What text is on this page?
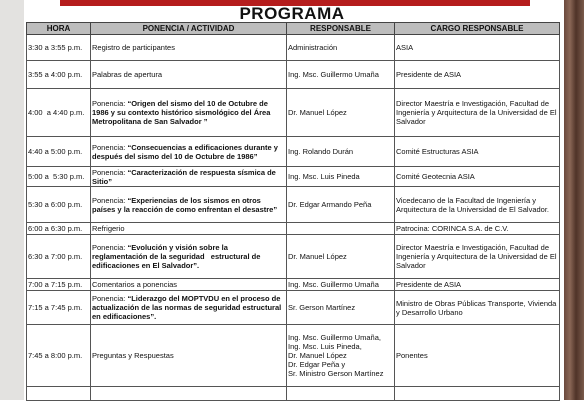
PROGRAMA
HORA	PONENCIA / ACTIVIDAD	RESPONSABLE	CARGO RESPONSABLE
3:30 a 3:55 p.m.	Registro de participantes	Administración	ASIA
3:55 a 4:00 p.m.	Palabras de apertura	Ing. Msc. Guillermo Umaña	Presidente de ASIA
4:00  a 4:40 p.m.	Ponencia: “Origen del sismo del 10 de Octubre de 1986 y su contexto histórico sismológico del Área Metropolitana de San Salvador ”	Dr. Manuel López	Director Maestría e Investigación, Facultad de Ingeniería y Arquitectura de la Universidad de El Salvador
4:40 a 5:00 p.m.	Ponencia: “Consecuencias a edificaciones durante y después del sismo del 10 de Octubre de 1986”	Ing. Rolando Durán	Comité Estructuras ASIA
5:00 a  5:30 p.m.	Ponencia: “Caracterización de respuesta sísmica de Sitio”	Ing. Msc. Luis Pineda	Comité Geotecnia ASIA
5:30 a 6:00 p.m.	Ponencia: “Experiencias de los sismos en otros países y la reacción de como enfrentan el desastre”	Dr. Edgar Armando Peña	Vicedecano de la Facultad de Ingeniería y Arquitectura de la Universidad de El Salvador.
6:00 a 6:30 p.m.	Refrigerio		Patrocina: CORINCA S.A. de C.V.
6:30 a 7:00 p.m.	Ponencia: “Evolución y visión sobre la reglamentación de la seguridad   estructural de edificaciones en El Salvador”.	Dr. Manuel López	Director Maestría e Investigación, Facultad de Ingeniería y Arquitectura de la Universidad de El Salvador
7:00 a 7:15 p.m.	Comentarios a ponencias	Ing. Msc. Guillermo Umaña	Presidente de ASIA
7:15 a 7:45 p.m.	Ponencia: “Liderazgo del MOPTVDU en el proceso de actualización de las normas de seguridad estructural en edificaciones”.	Sr. Gerson Martínez	Ministro de Obras Públicas Transporte, Vivienda y Desarrollo Urbano
7:45 a 8:00 p.m.	Preguntas y Respuestas	Ing. Msc. Guillermo Umaña,
Ing. Msc. Luis Pineda,
Dr. Manuel López
Dr. Edgar Peña y
Sr. Ministro Gerson Martínez	Ponentes
